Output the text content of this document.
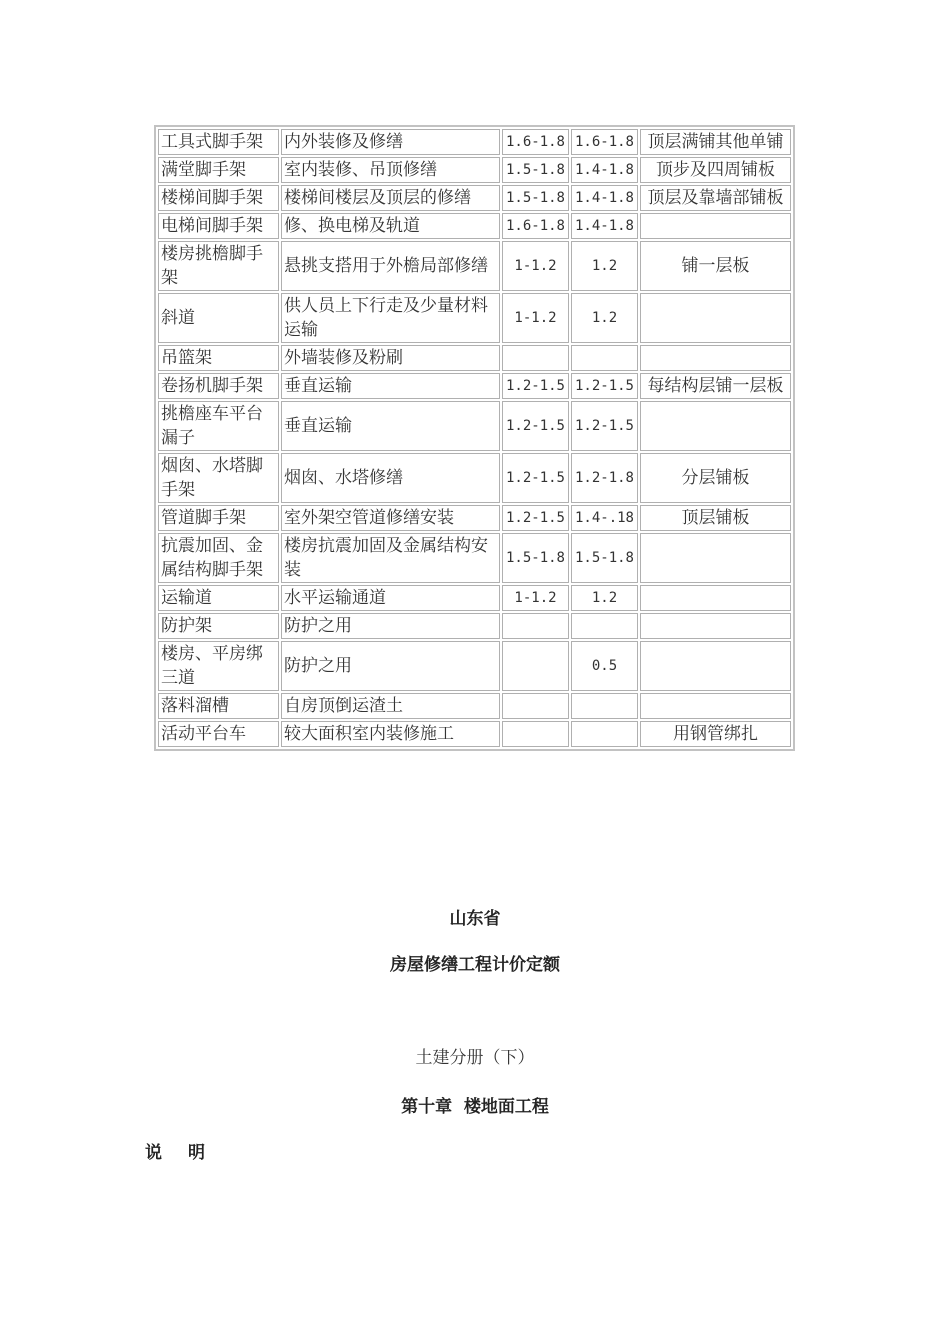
工具式脚手架	内外装修及修缮	1.6-1.8	1.6-1.8	顶层满铺其他单铺
满堂脚手架	室内装修、吊顶修缮	1.5-1.8	1.4-1.8	顶步及四周铺板
楼梯间脚手架	楼梯间楼层及顶层的修缮	1.5-1.8	1.4-1.8	顶层及靠墙部铺板
电梯间脚手架	修、换电梯及轨道	1.6-1.8	1.4-1.8	
楼房挑檐脚手架	悬挑支搭用于外檐局部修缮	1-1.2	1.2	铺一层板
斜道	供人员上下行走及少量材料运输	1-1.2	1.2	
吊篮架	外墙装修及粉刷			
卷扬机脚手架	垂直运输	1.2-1.5	1.2-1.5	每结构层铺一层板
挑檐座车平台漏子	垂直运输	1.2-1.5	1.2-1.5	
烟囱、水塔脚手架	烟囱、水塔修缮	1.2-1.5	1.2-1.8	分层铺板
管道脚手架	室外架空管道修缮安装	1.2-1.5	1.4-.18	顶层铺板
抗震加固、金属结构脚手架	楼房抗震加固及金属结构安装	1.5-1.8	1.5-1.8	
运输道	水平运输通道	1-1.2	1.2	
防护架	防护之用			
楼房、平房绑三道	防护之用		0.5	
落料溜槽	自房顶倒运渣土			
活动平台车	较大面积室内装修施工			用钢管绑扎
山东省
房屋修缮工程计价定额
土建分册（下）
第十章  楼地面工程
说明
